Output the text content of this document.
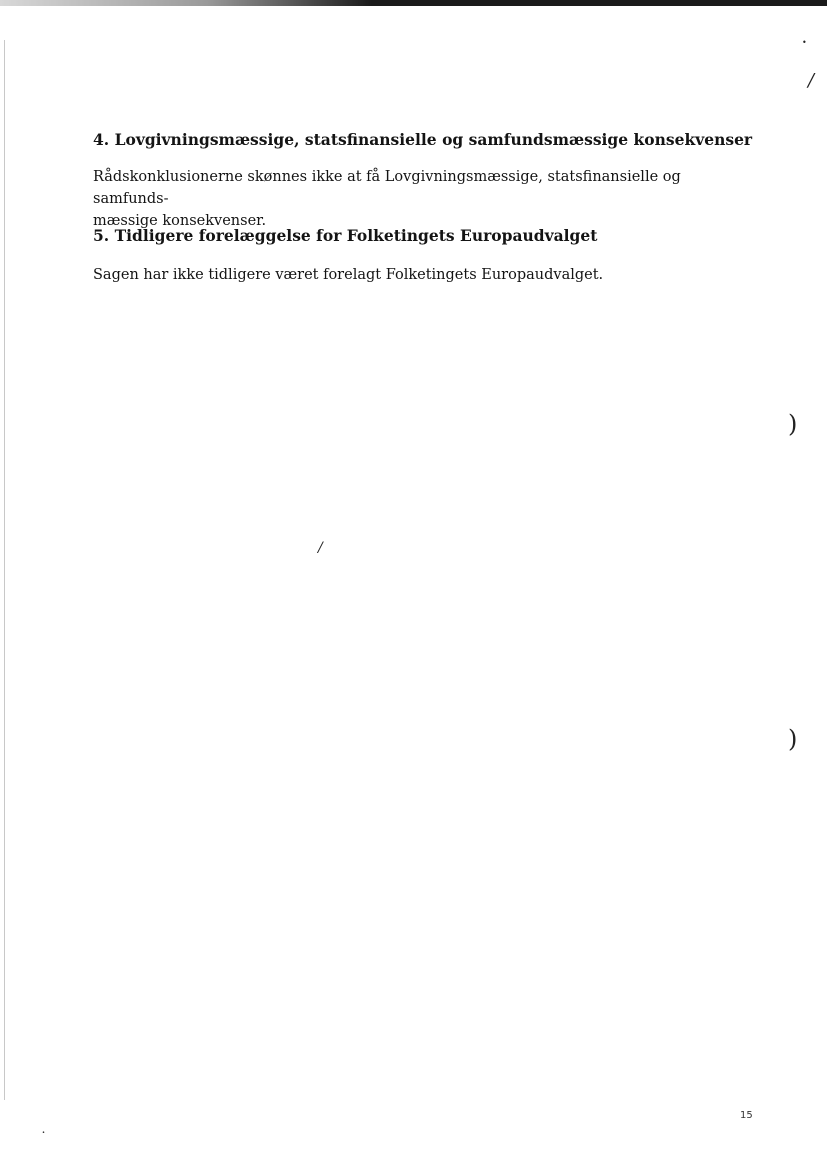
4. Lovgivningsmæssige, statsfinansielle og samfundsmæssige konsekvenser

Rådskonklusionerne skønnes ikke at få Lovgivningsmæssige, statsfinansielle og samfunds-

mæssige konsekvenser.

5. Tidligere forelæggelse for Folketingets Europaudvalget

Sagen har ikke tidligere været forelagt Folketingets Europaudvalget.

•
/
)
)
/
˙
15
